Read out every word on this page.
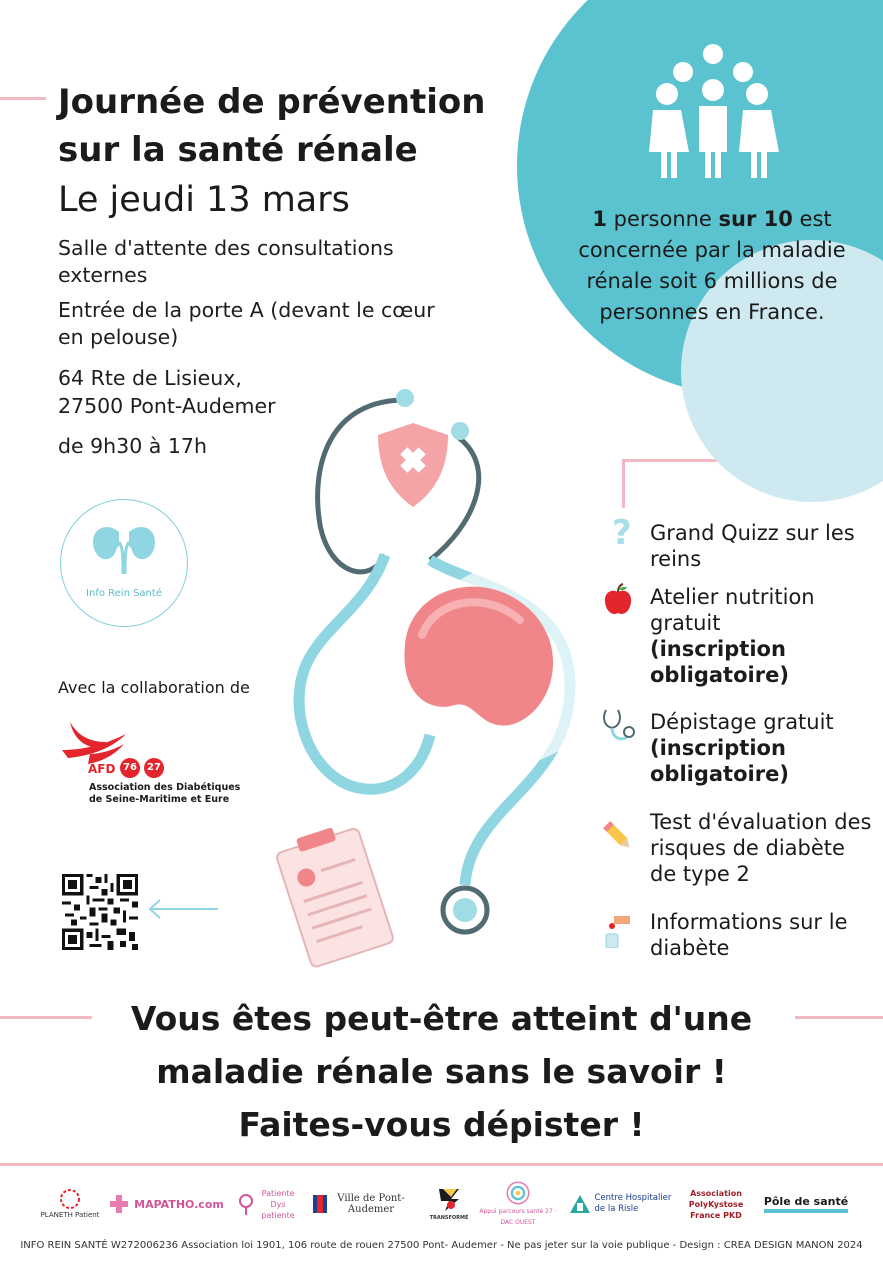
1 personne sur 10 est concernée par la maladie rénale soit 6 millions de personnes en France.
Journée de prévention sur la santé rénale
Le jeudi 13 mars
Salle d'attente des consultations externes
Entrée de la porte A (devant le cœur en pelouse)
64 Rte de Lisieux,
27500 Pont-Audemer
de 9h30 à 17h
Info Rein Santé
? Grand Quizz sur les reins
Atelier nutrition gratuit
(inscription obligatoire)
Dépistage gratuit
(inscription obligatoire)
Test d'évaluation des risques de diabète de type 2
Informations sur le diabète
Avec la collaboration de
AFD 76	27
Association des Diabétiques
de Seine-Maritime et Eure
Vous êtes peut-être atteint d'une
maladie rénale sans le savoir !
Faites-vous dépister !
PLANETH Patient
MAPATHO.com
Patiente Dys patiente
Ville de Pont-Audemer
TRANSFORMÉ
Appui parcours santé 27 · DAC OUEST
Centre Hospitalier de la Risle
Association PolyKystose France PKD
Pôle de santé
INFO REIN SANTÉ W272006236 Association loi 1901, 106 route de rouen 27500 Pont- Audemer - Ne pas jeter sur la voie publique - Design : CREA DESIGN MANON 2024
